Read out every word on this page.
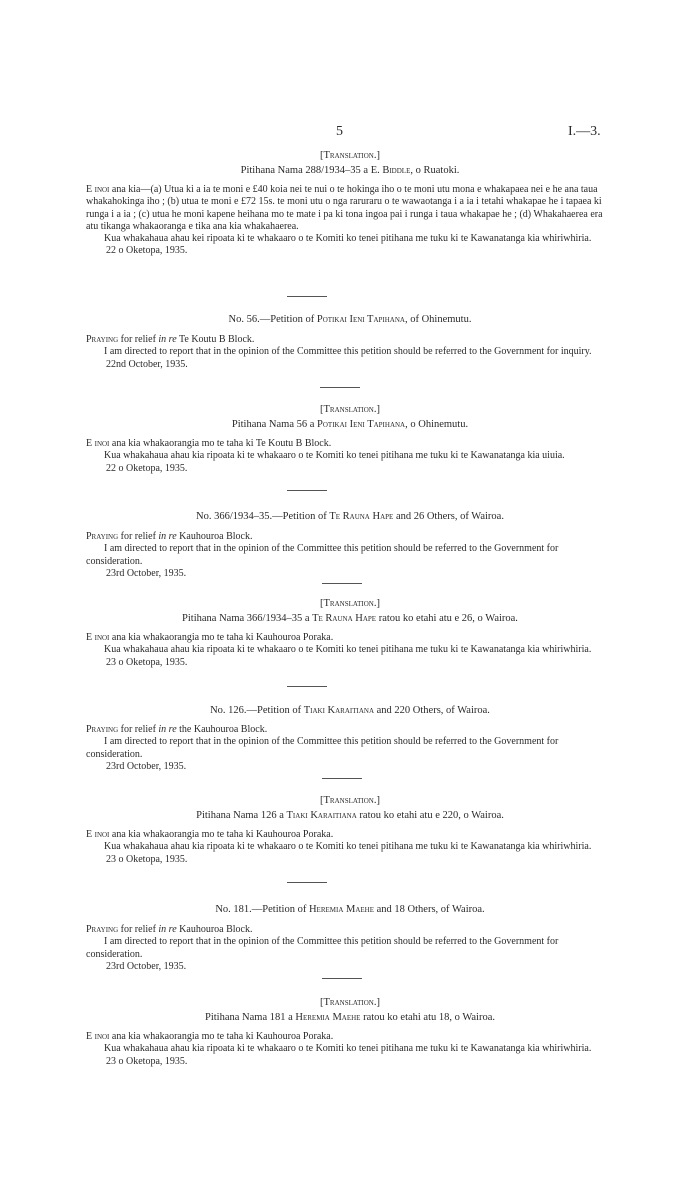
5	I.—3.
[Translation.]
Pitihana Nama 288/1934–35 a E. Biddle, o Ruatoki.

E inoi ana kia—(a) Utua ki a ia te moni e £40 koia nei te nui o te hokinga iho o te moni utu mona e whakapaea nei e he ana taua whakahokinga iho ; (b) utua te moni e £72 15s. te moni utu o nga raruraru o te wawaotanga i a ia i tetahi whakapae he i tapaea ki runga i a ia ; (c) utua he moni kapene heihana mo te mate i pa ki tona ingoa pai i runga i taua whakapae he ; (d) Whakahaerea era atu tikanga whakaoranga e tika ana kia whakahaerea.

Kua whakahaua ahau kei ripoata ki te whakaaro o te Komiti ko tenei pitihana me tuku ki te Kawanatanga kia whiriwhiria.

22 o Oketopa, 1935.

No. 56.—Petition of Potikai Ieni Tapihana, of Ohinemutu.

Praying for relief in re Te Koutu B Block.

I am directed to report that in the opinion of the Committee this petition should be referred to the Government for inquiry.

22nd October, 1935.

[Translation.]
Pitihana Nama 56 a Potikai Ieni Tapihana, o Ohinemutu.

E inoi ana kia whakaorangia mo te taha ki Te Koutu B Block.

Kua whakahaua ahau kia ripoata ki te whakaaro o te Komiti ko tenei pitihana me tuku ki te Kawanatanga kia uiuia.

22 o Oketopa, 1935.

No. 366/1934–35.—Petition of Te Rauna Hape and 26 Others, of Wairoa.

Praying for relief in re Kauhouroa Block.

I am directed to report that in the opinion of the Committee this petition should be referred to the Government for consideration.

23rd October, 1935.

[Translation.]
Pitihana Nama 366/1934–35 a Te Rauna Hape ratou ko etahi atu e 26, o Wairoa.

E inoi ana kia whakaorangia mo te taha ki Kauhouroa Poraka.

Kua whakahaua ahau kia ripoata ki te whakaaro o te Komiti ko tenei pitihana me tuku ki te Kawanatanga kia whiriwhiria.

23 o Oketopa, 1935.

No. 126.—Petition of Tiaki Karaitiana and 220 Others, of Wairoa.

Praying for relief in re the Kauhouroa Block.

I am directed to report that in the opinion of the Committee this petition should be referred to the Government for consideration.

23rd October, 1935.

[Translation.]
Pitihana Nama 126 a Tiaki Karaitiana ratou ko etahi atu e 220, o Wairoa.

E inoi ana kia whakaorangia mo te taha ki Kauhouroa Poraka.

Kua whakahaua ahau kia ripoata ki te whakaaro o te Komiti ko tenei pitihana me tuku ki te Kawanatanga kia whiriwhiria.

23 o Oketopa, 1935.

No. 181.—Petition of Heremia Maehe and 18 Others, of Wairoa.

Praying for relief in re Kauhouroa Block.

I am directed to report that in the opinion of the Committee this petition should be referred to the Government for consideration.

23rd October, 1935.

[Translation.]
Pitihana Nama 181 a Heremia Maehe ratou ko etahi atu 18, o Wairoa.

E inoi ana kia whakaorangia mo te taha ki Kauhouroa Poraka.

Kua whakahaua ahau kia ripoata ki te whakaaro o te Komiti ko tenei pitihana me tuku ki te Kawanatanga kia whiriwhiria.

23 o Oketopa, 1935.
